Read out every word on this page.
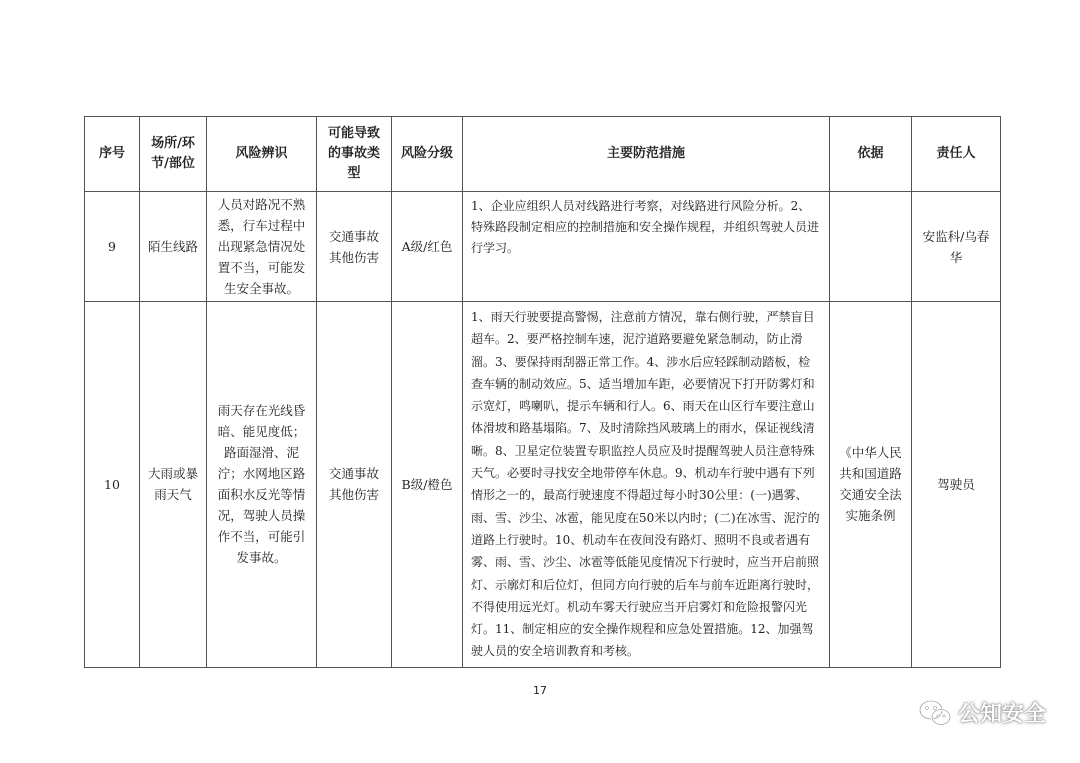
序号	场所/环节/部位	风险辨识	可能导致的事故类型	风险分级	主要防范措施	依据	责任人
9	陌生线路	人员对路况不熟悉，行车过程中出现紧急情况处置不当，可能发生安全事故。	交通事故其他伤害	A级/红色	1、企业应组织人员对线路进行考察，对线路进行风险分析。2、特殊路段制定相应的控制措施和安全操作规程，并组织驾驶人员进行学习。		安监科/乌春华
10	大雨或暴雨天气	雨天存在光线昏暗、能见度低；路面湿滑、泥泞；水网地区路面积水反光等情况，驾驶人员操作不当，可能引发事故。	交通事故其他伤害	B级/橙色	1、雨天行驶要提高警惕，注意前方情况，靠右侧行驶，严禁盲目超车。2、要严格控制车速，泥泞道路要避免紧急制动，防止滑溜。3、要保持雨刮器正常工作。4、涉水后应轻踩制动踏板，检查车辆的制动效应。5、适当增加车距，必要情况下打开防雾灯和示宽灯，鸣喇叭，提示车辆和行人。6、雨天在山区行车要注意山体滑坡和路基塌陷。7、及时清除挡风玻璃上的雨水，保证视线清晰。8、卫星定位装置专职监控人员应及时提醒驾驶人员注意特殊天气。必要时寻找安全地带停车休息。9、机动车行驶中遇有下列情形之一的，最高行驶速度不得超过每小时30公里：(一)遇雾、雨、雪、沙尘、冰雹，能见度在50米以内时；(二)在冰雪、泥泞的道路上行驶时。10、机动车在夜间没有路灯、照明不良或者遇有雾、雨、雪、沙尘、冰雹等低能见度情况下行驶时，应当开启前照灯、示廓灯和后位灯，但同方向行驶的后车与前车近距离行驶时，不得使用远光灯。机动车雾天行驶应当开启雾灯和危险报警闪光灯。11、制定相应的安全操作规程和应急处置措施。12、加强驾驶人员的安全培训教育和考核。	《中华人民共和国道路交通安全法实施条例	驾驶员
17
公知安全
